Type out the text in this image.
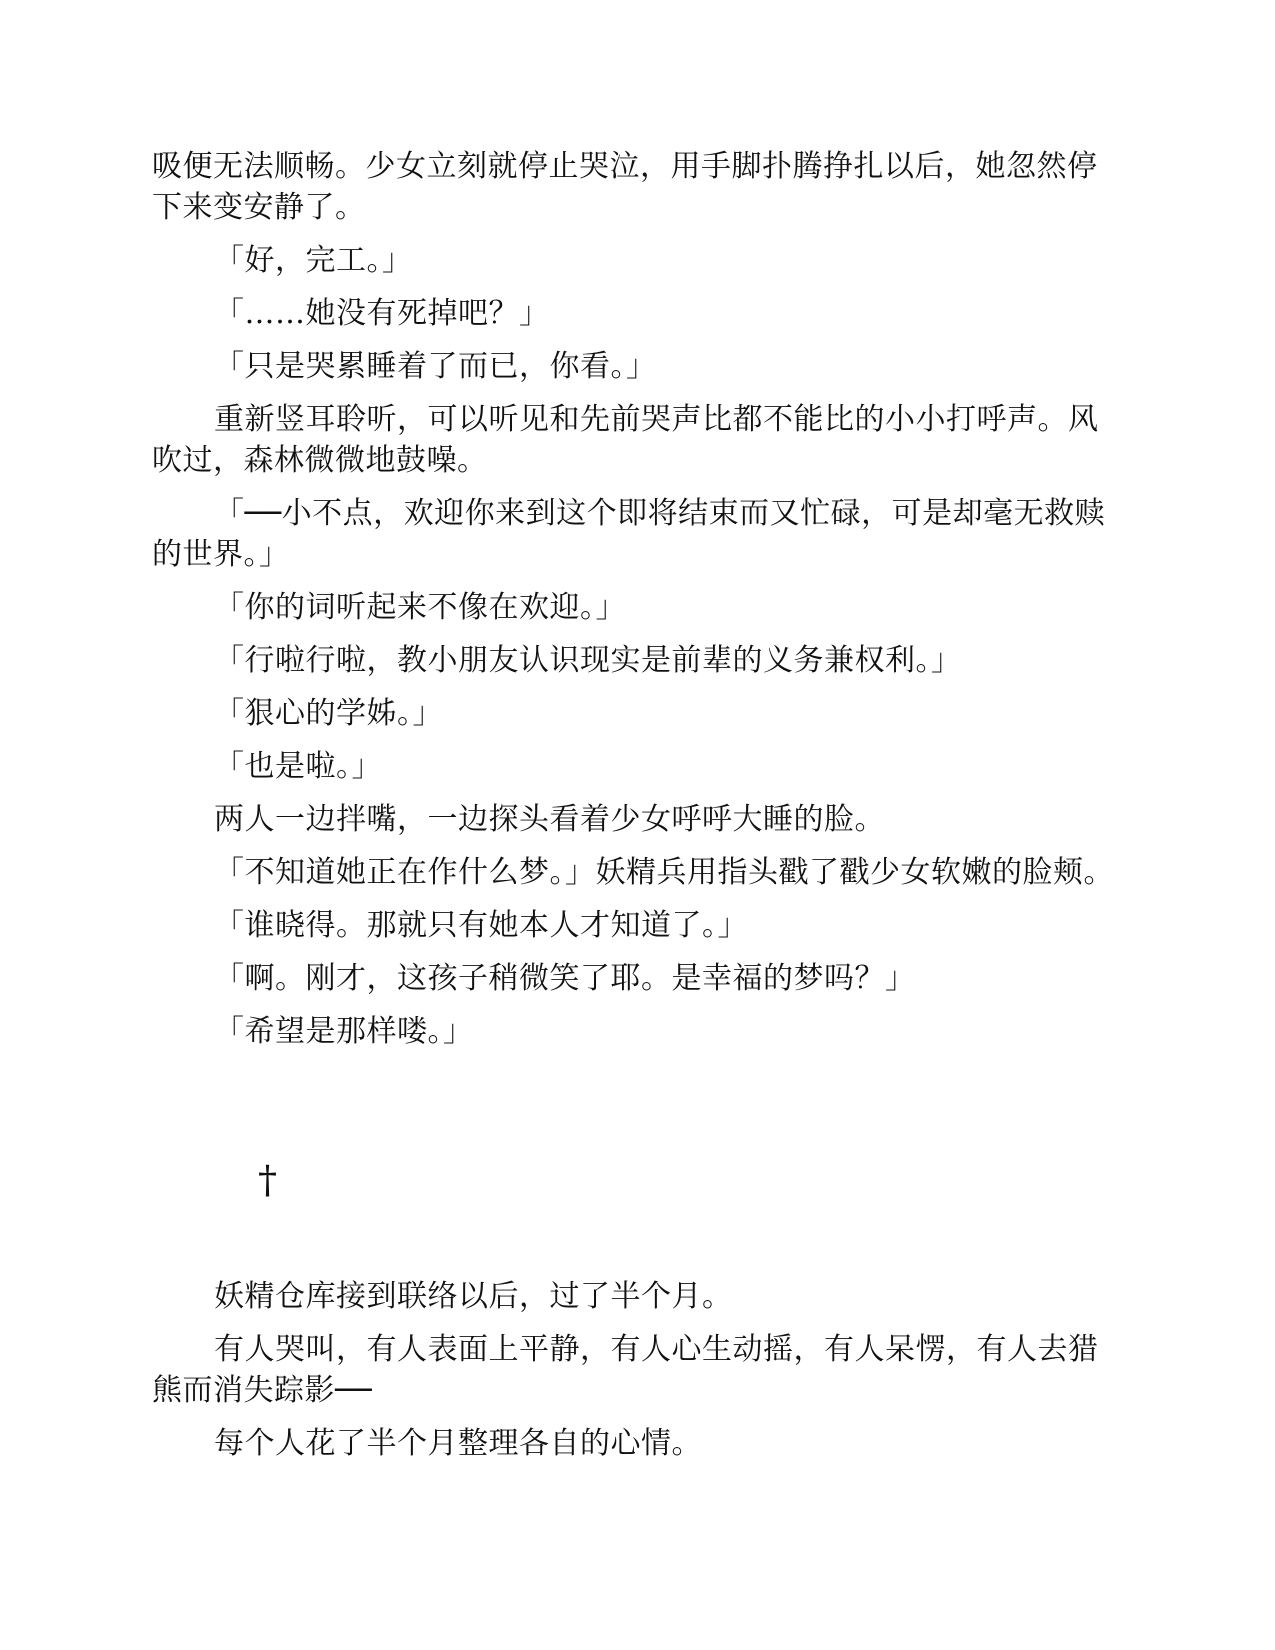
吸便无法顺畅。少女立刻就停止哭泣，用手脚扑腾挣扎以后，她忽然停下来变安静了。

「好，完工。」

「……她没有死掉吧？」

「只是哭累睡着了而已，你看。」

重新竖耳聆听，可以听见和先前哭声比都不能比的小小打呼声。风吹过，森林微微地鼓噪。

「──小不点，欢迎你来到这个即将结束而又忙碌，可是却毫无救赎的世界。」

「你的词听起来不像在欢迎。」

「行啦行啦，教小朋友认识现实是前辈的义务兼权利。」

「狠心的学姊。」

「也是啦。」

两人一边拌嘴，一边探头看着少女呼呼大睡的脸。

「不知道她正在作什么梦。」妖精兵用指头戳了戳少女软嫩的脸颊。

「谁晓得。那就只有她本人才知道了。」

「啊。刚才，这孩子稍微笑了耶。是幸福的梦吗？」

「希望是那样喽。」

†

妖精仓库接到联络以后，过了半个月。

有人哭叫，有人表面上平静，有人心生动摇，有人呆愣，有人去猎熊而消失踪影──

每个人花了半个月整理各自的心情。
